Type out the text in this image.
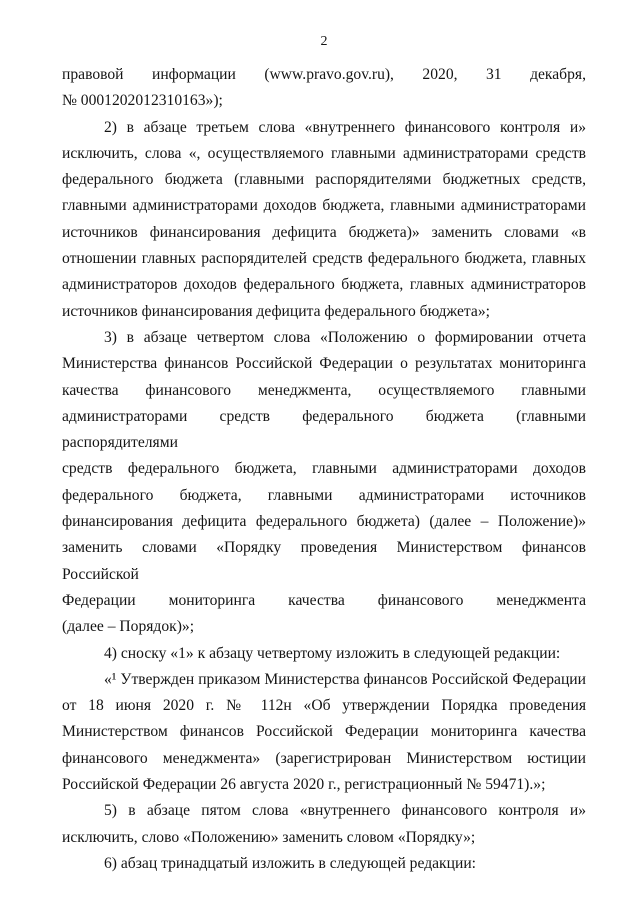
2
правовой информации (www.pravo.gov.ru), 2020, 31 декабря,
№ 0001202012310163»);
2) в абзаце третьем слова «внутреннего финансового контроля и»
исключить, слова «, осуществляемого главными администраторами средств
федерального бюджета (главными распорядителями бюджетных средств,
главными администраторами доходов бюджета, главными администраторами
источников финансирования дефицита бюджета)» заменить словами «в
отношении главных распорядителей средств федерального бюджета, главных
администраторов доходов федерального бюджета, главных администраторов
источников финансирования дефицита федерального бюджета»;
3) в абзаце четвертом слова «Положению о формировании отчета
Министерства финансов Российской Федерации о результатах мониторинга
качества финансового менеджмента, осуществляемого главными
администраторами средств федерального бюджета (главными распорядителями
средств федерального бюджета, главными администраторами доходов
федерального бюджета, главными администраторами источников
финансирования дефицита федерального бюджета) (далее – Положение)»
заменить словами «Порядку проведения Министерством финансов Российской
Федерации мониторинга качества финансового менеджмента
(далее – Порядок)»;
4) сноску «1» к абзацу четвертому изложить в следующей редакции:
«¹ Утвержден приказом Министерства финансов Российской Федерации
от 18 июня 2020 г. № 112н «Об утверждении Порядка проведения
Министерством финансов Российской Федерации мониторинга качества
финансового менеджмента» (зарегистрирован Министерством юстиции
Российской Федерации 26 августа 2020 г., регистрационный № 59471).»;
5) в абзаце пятом слова «внутреннего финансового контроля и»
исключить, слово «Положению» заменить словом «Порядку»;
6) абзац тринадцатый изложить в следующей редакции:
